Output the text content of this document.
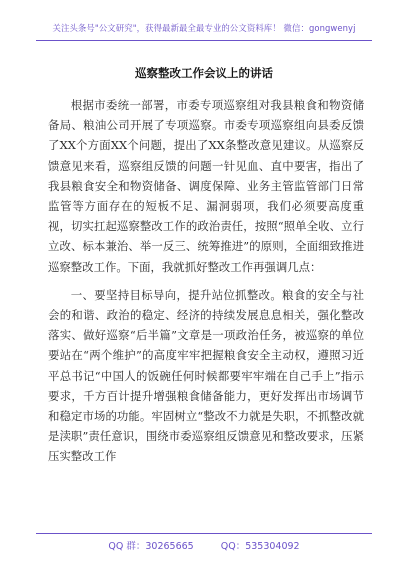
关注头条号"公文研究"，获得最新最全最专业的公文资料库！ 微信：gongwenyj
巡察整改工作会议上的讲话

根据市委统一部署，市委专项巡察组对我县粮食和物资储备局、粮油公司开展了专项巡察。市委专项巡察组向县委反馈了XX个方面XX个问题，提出了XX条整改意见建议。从巡察反馈意见来看，巡察组反馈的问题一针见血、直中要害，指出了我县粮食安全和物资储备、调度保障、业务主管监管部门日常监管等方面存在的短板不足、漏洞弱项，我们必须要高度重视，切实扛起巡察整改工作的政治责任，按照“照单全收、立行立改、标本兼治、举一反三、统筹推进”的原则，全面细致推进巡察整改工作。下面，我就抓好整改工作再强调几点：

一、要坚持目标导向，提升站位抓整改。粮食的安全与社会的和谐、政治的稳定、经济的持续发展息息相关，强化整改落实、做好巡察“后半篇”文章是一项政治任务，被巡察的单位要站在“两个维护”的高度牢牢把握粮食安全主动权，遵照习近平总书记“中国人的饭碗任何时候都要牢牢端在自己手上”指示要求，千方百计提升增强粮食储备能力，更好发挥出市场调节和稳定市场的功能。牢固树立“整改不力就是失职，不抓整改就是渎职”责任意识，围绕市委巡察组反馈意见和整改要求，压紧压实整改工作

QQ 群：30265665	QQ：535304092
